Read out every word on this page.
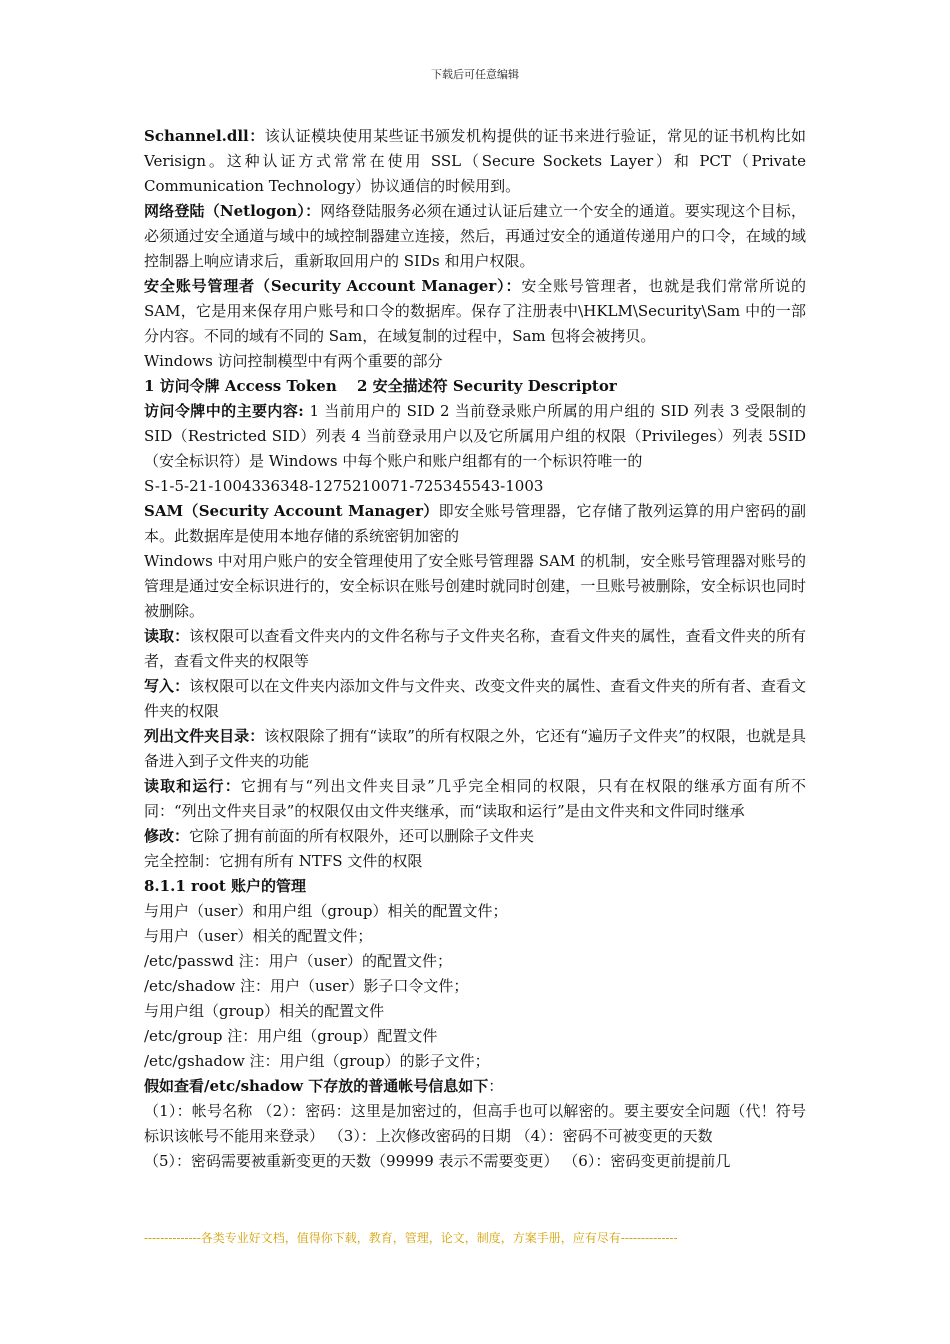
下载后可任意编辑

Schannel.dll：该认证模块使用某些证书颁发机构提供的证书来进行验证，常见的证书机构比如 Verisign。这种认证方式常常在使用 SSL（Secure Sockets Layer）和 PCT（Private Communication Technology）协议通信的时候用到。

网络登陆（Netlogon）：网络登陆服务必须在通过认证后建立一个安全的通道。要实现这个目标，必须通过安全通道与域中的域控制器建立连接，然后，再通过安全的通道传递用户的口令，在域的域控制器上响应请求后，重新取回用户的 SIDs 和用户权限。

安全账号管理者（Security Account Manager）：安全账号管理者，也就是我们常常所说的 SAM，它是用来保存用户账号和口令的数据库。保存了注册表中\HKLM\Security\Sam 中的一部分内容。不同的域有不同的 Sam，在域复制的过程中，Sam 包将会被拷贝。

Windows 访问控制模型中有两个重要的部分

1 访问令牌 Access Token　 2 安全描述符 Security Descriptor

访问令牌中的主要内容: 1 当前用户的 SID 2 当前登录账户所属的用户组的 SID 列表 3 受限制的 SID（Restricted SID）列表 4 当前登录用户以及它所属用户组的权限（Privileges）列表 5SID（安全标识符）是 Windows 中每个账户和账户组都有的一个标识符唯一的

S-1-5-21-1004336348-1275210071-725345543-1003

SAM（Security Account Manager）即安全账号管理器，它存储了散列运算的用户密码的副本。此数据库是使用本地存储的系统密钥加密的

Windows 中对用户账户的安全管理使用了安全账号管理器 SAM 的机制，安全账号管理器对账号的管理是通过安全标识进行的，安全标识在账号创建时就同时创建，一旦账号被删除，安全标识也同时被删除。

读取：该权限可以查看文件夹内的文件名称与子文件夹名称，查看文件夹的属性，查看文件夹的所有者，查看文件夹的权限等

写入：该权限可以在文件夹内添加文件与文件夹、改变文件夹的属性、查看文件夹的所有者、查看文件夹的权限

列出文件夹目录：该权限除了拥有“读取”的所有权限之外，它还有“遍历子文件夹”的权限，也就是具备进入到子文件夹的功能

读取和运行：它拥有与“列出文件夹目录”几乎完全相同的权限，只有在权限的继承方面有所不同：“列出文件夹目录”的权限仅由文件夹继承，而“读取和运行”是由文件夹和文件同时继承

修改：它除了拥有前面的所有权限外，还可以删除子文件夹

完全控制：它拥有所有 NTFS 文件的权限

8.1.1 root 账户的管理

与用户（user）和用户组（group）相关的配置文件；

与用户（user）相关的配置文件；

/etc/passwd 注：用户（user）的配置文件；

/etc/shadow 注：用户（user）影子口令文件；

与用户组（group）相关的配置文件

/etc/group 注：用户组（group）配置文件

/etc/gshadow 注：用户组（group）的影子文件；

假如查看/etc/shadow 下存放的普通帐号信息如下：

（1）：帐号名称 （2）：密码：这里是加密过的，但高手也可以解密的。要主要安全问题（代！符号标识该帐号不能用来登录） （3）：上次修改密码的日期 （4）：密码不可被变更的天数

（5）：密码需要被重新变更的天数（99999 表示不需要变更） （6）：密码变更前提前几

--------------各类专业好文档，值得你下载，教育，管理，论文，制度，方案手册，应有尽有--------------
